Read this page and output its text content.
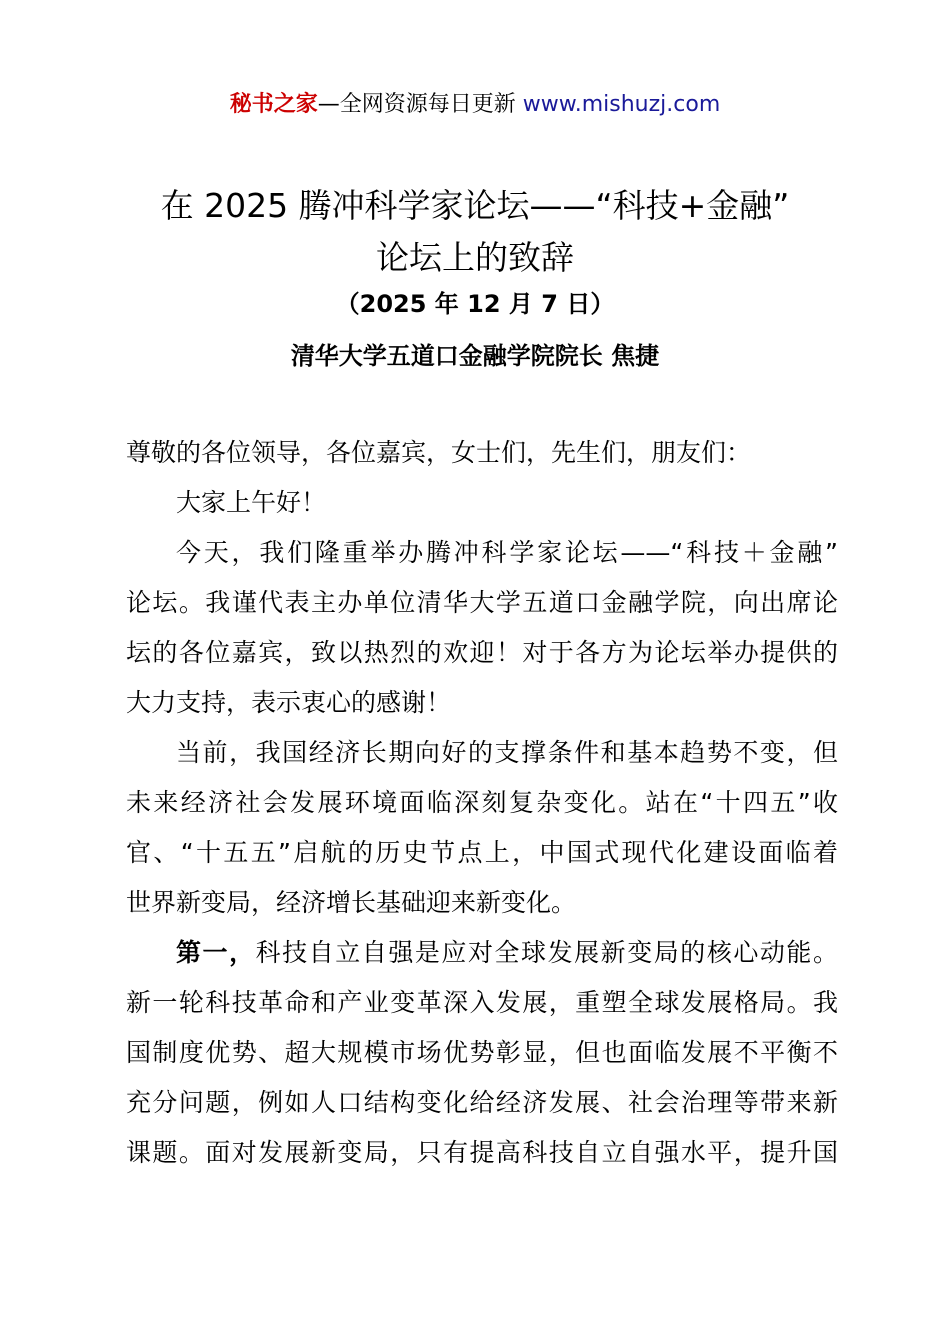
秘书之家—全网资源每日更新 www.mishuzj.com
在 2025 腾冲科学家论坛——“科技+金融”
论坛上的致辞
（2025 年 12 月 7 日）
清华大学五道口金融学院院长 焦捷
尊敬的各位领导，各位嘉宾，女士们，先生们，朋友们：
大家上午好！
今天，我们隆重举办腾冲科学家论坛——“科技＋金融”
论坛。我谨代表主办单位清华大学五道口金融学院，向出席论
坛的各位嘉宾，致以热烈的欢迎！对于各方为论坛举办提供的
大力支持，表示衷心的感谢！
当前，我国经济长期向好的支撑条件和基本趋势不变，但
未来经济社会发展环境面临深刻复杂变化。站在“十四五”收
官、“十五五”启航的历史节点上，中国式现代化建设面临着
世界新变局，经济增长基础迎来新变化。
第一，科技自立自强是应对全球发展新变局的核心动能。
新一轮科技革命和产业变革深入发展，重塑全球发展格局。我
国制度优势、超大规模市场优势彰显，但也面临发展不平衡不
充分问题，例如人口结构变化给经济发展、社会治理等带来新
课题。面对发展新变局，只有提高科技自立自强水平，提升国
